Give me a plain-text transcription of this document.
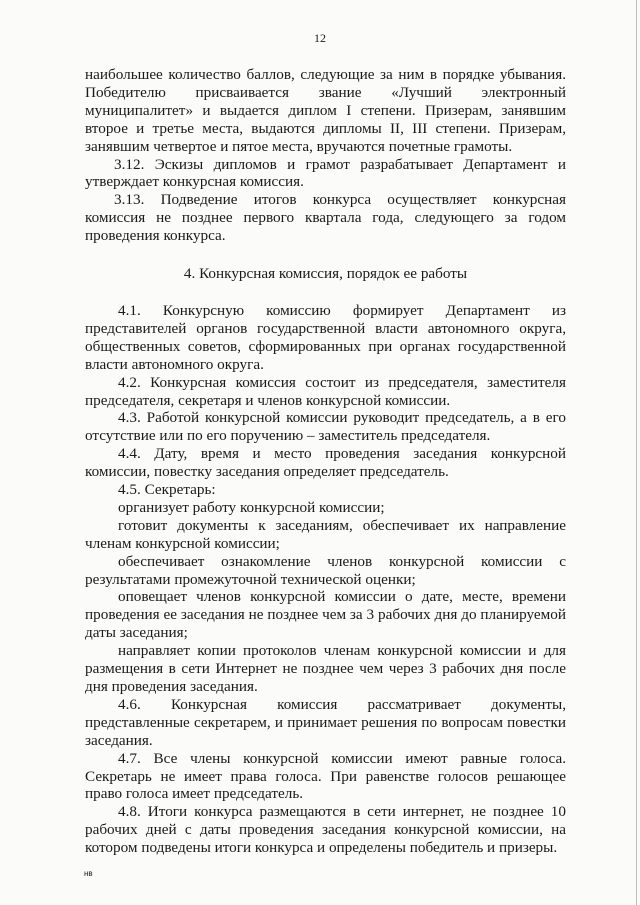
12

наибольшее количество баллов, следующие за ним в порядке убывания. Победителю присваивается звание «Лучший электронный муниципалитет» и выдается диплом I степени. Призерам, занявшим второе и третье места, выдаются дипломы II, III степени. Призерам, занявшим четвертое и пятое места, вручаются почетные грамоты.

3.12. Эскизы дипломов и грамот разрабатывает Департамент и утверждает конкурсная комиссия.

3.13. Подведение итогов конкурса осуществляет конкурсная комиссия не позднее первого квартала года, следующего за годом проведения конкурса.

4. Конкурсная комиссия, порядок ее работы

4.1. Конкурсную комиссию формирует Департамент из представителей органов государственной власти автономного округа, общественных советов, сформированных при органах государственной власти автономного округа.

4.2. Конкурсная комиссия состоит из председателя, заместителя председателя, секретаря и членов конкурсной комиссии.

4.3. Работой конкурсной комиссии руководит председатель, а в его отсутствие или по его поручению – заместитель председателя.

4.4. Дату, время и место проведения заседания конкурсной комиссии, повестку заседания определяет председатель.

4.5. Секретарь:

организует работу конкурсной комиссии;

готовит документы к заседаниям, обеспечивает их направление членам конкурсной комиссии;

обеспечивает ознакомление членов конкурсной комиссии с результатами промежуточной технической оценки;

оповещает членов конкурсной комиссии о дате, месте, времени проведения ее заседания не позднее чем за 3 рабочих дня до планируемой даты заседания;

направляет копии протоколов членам конкурсной комиссии и для размещения в сети Интернет не позднее чем через 3 рабочих дня после дня проведения заседания.

4.6. Конкурсная комиссия рассматривает документы, представленные секретарем, и принимает решения по вопросам повестки заседания.

4.7. Все члены конкурсной комиссии имеют равные голоса. Секретарь не имеет права голоса. При равенстве голосов решающее право голоса имеет председатель.

4.8. Итоги конкурса размещаются в сети интернет, не позднее 10 рабочих дней с даты проведения заседания конкурсной комиссии, на котором подведены итоги конкурса и определены победитель и призеры.

нв
